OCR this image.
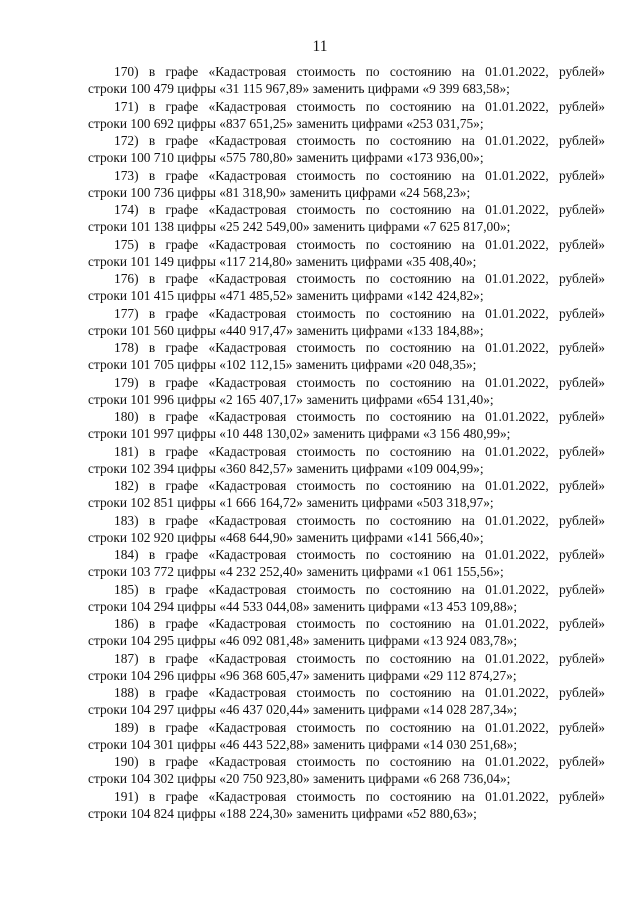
11
170) в графе «Кадастровая стоимость по состоянию на 01.01.2022, рублей»
строки 100 479 цифры «31 115 967,89» заменить цифрами «9 399 683,58»;
171) в графе «Кадастровая стоимость по состоянию на 01.01.2022, рублей»
строки 100 692 цифры «837 651,25» заменить цифрами «253 031,75»;
172) в графе «Кадастровая стоимость по состоянию на 01.01.2022, рублей»
строки 100 710 цифры «575 780,80» заменить цифрами «173 936,00»;
173) в графе «Кадастровая стоимость по состоянию на 01.01.2022, рублей»
строки 100 736 цифры «81 318,90» заменить цифрами «24 568,23»;
174) в графе «Кадастровая стоимость по состоянию на 01.01.2022, рублей»
строки 101 138 цифры «25 242 549,00» заменить цифрами «7 625 817,00»;
175) в графе «Кадастровая стоимость по состоянию на 01.01.2022, рублей»
строки 101 149 цифры «117 214,80» заменить цифрами «35 408,40»;
176) в графе «Кадастровая стоимость по состоянию на 01.01.2022, рублей»
строки 101 415 цифры «471 485,52» заменить цифрами «142 424,82»;
177) в графе «Кадастровая стоимость по состоянию на 01.01.2022, рублей»
строки 101 560 цифры «440 917,47» заменить цифрами «133 184,88»;
178) в графе «Кадастровая стоимость по состоянию на 01.01.2022, рублей»
строки 101 705 цифры «102 112,15» заменить цифрами «20 048,35»;
179) в графе «Кадастровая стоимость по состоянию на 01.01.2022, рублей»
строки 101 996 цифры «2 165 407,17» заменить цифрами «654 131,40»;
180) в графе «Кадастровая стоимость по состоянию на 01.01.2022, рублей»
строки 101 997 цифры «10 448 130,02» заменить цифрами «3 156 480,99»;
181) в графе «Кадастровая стоимость по состоянию на 01.01.2022, рублей»
строки 102 394 цифры «360 842,57» заменить цифрами «109 004,99»;
182) в графе «Кадастровая стоимость по состоянию на 01.01.2022, рублей»
строки 102 851 цифры «1 666 164,72» заменить цифрами «503 318,97»;
183) в графе «Кадастровая стоимость по состоянию на 01.01.2022, рублей»
строки 102 920 цифры «468 644,90» заменить цифрами «141 566,40»;
184) в графе «Кадастровая стоимость по состоянию на 01.01.2022, рублей»
строки 103 772 цифры «4 232 252,40» заменить цифрами «1 061 155,56»;
185) в графе «Кадастровая стоимость по состоянию на 01.01.2022, рублей»
строки 104 294 цифры «44 533 044,08» заменить цифрами «13 453 109,88»;
186) в графе «Кадастровая стоимость по состоянию на 01.01.2022, рублей»
строки 104 295 цифры «46 092 081,48» заменить цифрами «13 924 083,78»;
187) в графе «Кадастровая стоимость по состоянию на 01.01.2022, рублей»
строки 104 296 цифры «96 368 605,47» заменить цифрами «29 112 874,27»;
188) в графе «Кадастровая стоимость по состоянию на 01.01.2022, рублей»
строки 104 297 цифры «46 437 020,44» заменить цифрами «14 028 287,34»;
189) в графе «Кадастровая стоимость по состоянию на 01.01.2022, рублей»
строки 104 301 цифры «46 443 522,88» заменить цифрами «14 030 251,68»;
190) в графе «Кадастровая стоимость по состоянию на 01.01.2022, рублей»
строки 104 302 цифры «20 750 923,80» заменить цифрами «6 268 736,04»;
191) в графе «Кадастровая стоимость по состоянию на 01.01.2022, рублей»
строки 104 824 цифры «188 224,30» заменить цифрами «52 880,63»;
